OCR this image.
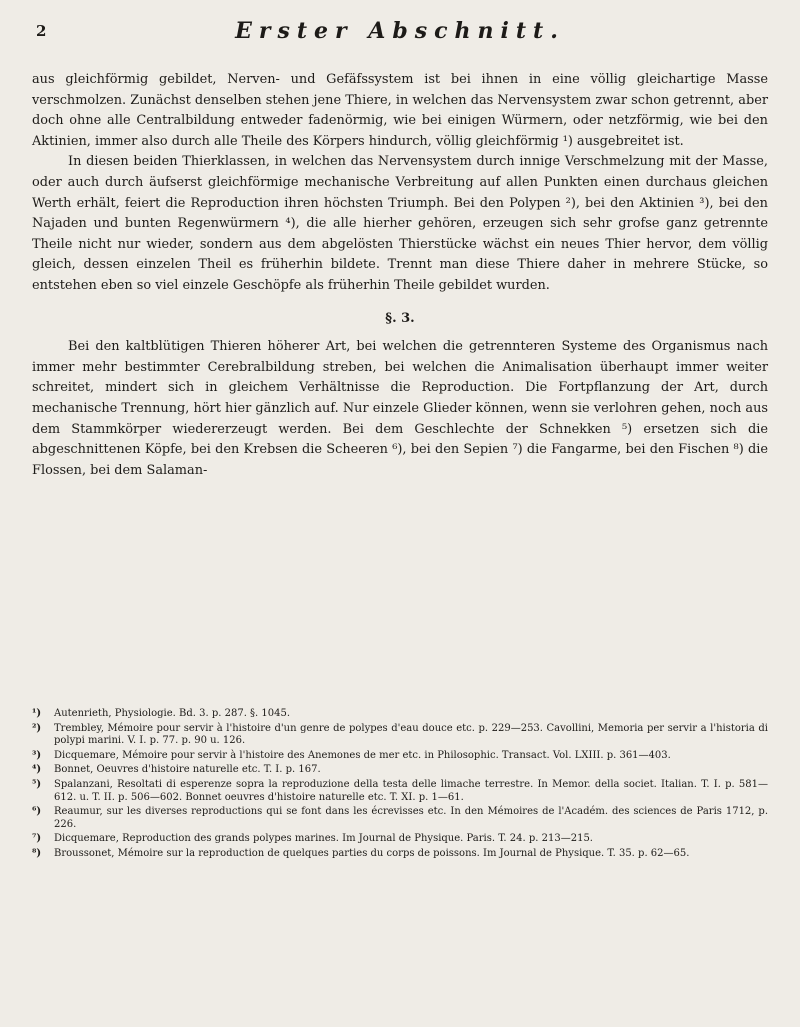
2	Erster Abschnitt.

aus gleichförmig gebildet, Nerven- und Gefäfssystem ist bei ihnen in eine völlig gleichartige Masse verschmolzen. Zunächst denselben stehen jene Thiere, in welchen das Nervensystem zwar schon getrennt, aber doch ohne alle Centralbildung entweder fadenörmig, wie bei einigen Würmern, oder netzförmig, wie bei den Aktinien, immer also durch alle Theile des Körpers hindurch, völlig gleichförmig ¹) ausgebreitet ist.

In diesen beiden Thierklassen, in welchen das Nervensystem durch innige Verschmelzung mit der Masse, oder auch durch äufserst gleichförmige mechanische Verbreitung auf allen Punkten einen durchaus gleichen Werth erhält, feiert die Reproduction ihren höchsten Triumph. Bei den Polypen ²), bei den Aktinien ³), bei den Najaden und bunten Regenwürmern ⁴), die alle hierher gehören, erzeugen sich sehr grofse ganz getrennte Theile nicht nur wieder, sondern aus dem abgelösten Thierstücke wächst ein neues Thier hervor, dem völlig gleich, dessen einzelen Theil es früherhin bildete. Trennt man diese Thiere daher in mehrere Stücke, so entstehen eben so viel einzele Geschöpfe als früherhin Theile gebildet wurden.

§. 3.

Bei den kaltblütigen Thieren höherer Art, bei welchen die getrennteren Systeme des Organismus nach immer mehr bestimmter Cerebralbildung streben, bei welchen die Animalisation überhaupt immer weiter schreitet, mindert sich in gleichem Verhältnisse die Reproduction. Die Fortpflanzung der Art, durch mechanische Trennung, hört hier gänzlich auf. Nur einzele Glieder können, wenn sie verlohren gehen, noch aus dem Stammkörper wiedererzeugt werden. Bei dem Geschlechte der Schnekken ⁵) ersetzen sich die abgeschnittenen Köpfe, bei den Krebsen die Scheeren ⁶), bei den Sepien ⁷) die Fangarme, bei den Fischen ⁸) die Flossen, bei dem Salaman-

¹)	Autenrieth, Physiologie. Bd. 3. p. 287. §. 1045.
²)	Trembley, Mémoire pour servir à l'histoire d'un genre de polypes d'eau douce etc. p. 229—253. Cavollini, Memoria per servir a l'historia di polypi marini. V. I. p. 77. p. 90 u. 126.
³)	Dicquemare, Mémoire pour servir à l'histoire des Anemones de mer etc. in Philosophic. Transact. Vol. LXIII. p. 361—403.
⁴)	Bonnet, Oeuvres d'histoire naturelle etc. T. I. p. 167.
⁵)	Spalanzani, Resoltati di esperenze sopra la reproduzione della testa delle limache terrestre. In Memor. della societ. Italian. T. I. p. 581—612. u. T. II. p. 506—602. Bonnet oeuvres d'histoire naturelle etc. T. XI. p. 1—61.
⁶)	Reaumur, sur les diverses reproductions qui se font dans les écrevisses etc. In den Mémoires de l'Académ. des sciences de Paris 1712, p. 226.
⁷)	Dicquemare, Reproduction des grands polypes marines. Im Journal de Physique. Paris. T. 24. p. 213—215.
⁸)	Broussonet, Mémoire sur la reproduction de quelques parties du corps de poissons. Im Journal de Physique. T. 35. p. 62—65.
